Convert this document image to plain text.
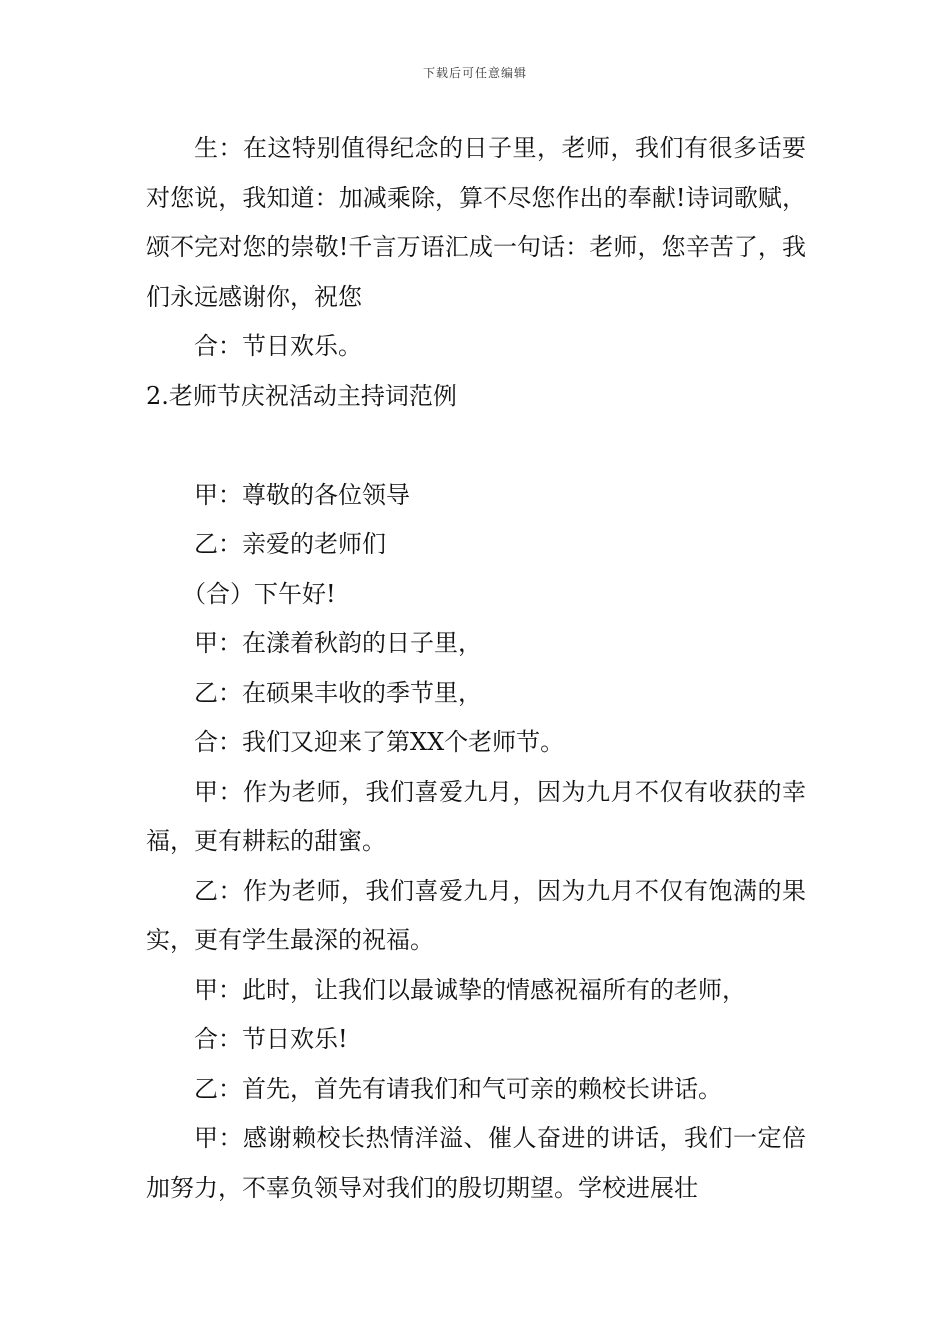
下载后可任意编辑

生：在这特别值得纪念的日子里，老师，我们有很多话要对您说，我知道：加减乘除，算不尽您作出的奉献!诗词歌赋，颂不完对您的崇敬!千言万语汇成一句话：老师，您辛苦了，我们永远感谢你，祝您

合：节日欢乐。

2.老师节庆祝活动主持词范例

甲：尊敬的各位领导

乙：亲爱的老师们

（合）下午好!

甲：在漾着秋韵的日子里，

乙：在硕果丰收的季节里，

合：我们又迎来了第XX个老师节。

甲：作为老师，我们喜爱九月，因为九月不仅有收获的幸福，更有耕耘的甜蜜。

乙：作为老师，我们喜爱九月，因为九月不仅有饱满的果实，更有学生最深的祝福。

甲：此时，让我们以最诚挚的情感祝福所有的老师，

合：节日欢乐!

乙：首先，首先有请我们和气可亲的赖校长讲话。

甲：感谢赖校长热情洋溢、催人奋进的讲话，我们一定倍加努力，不辜负领导对我们的殷切期望。学校进展壮
